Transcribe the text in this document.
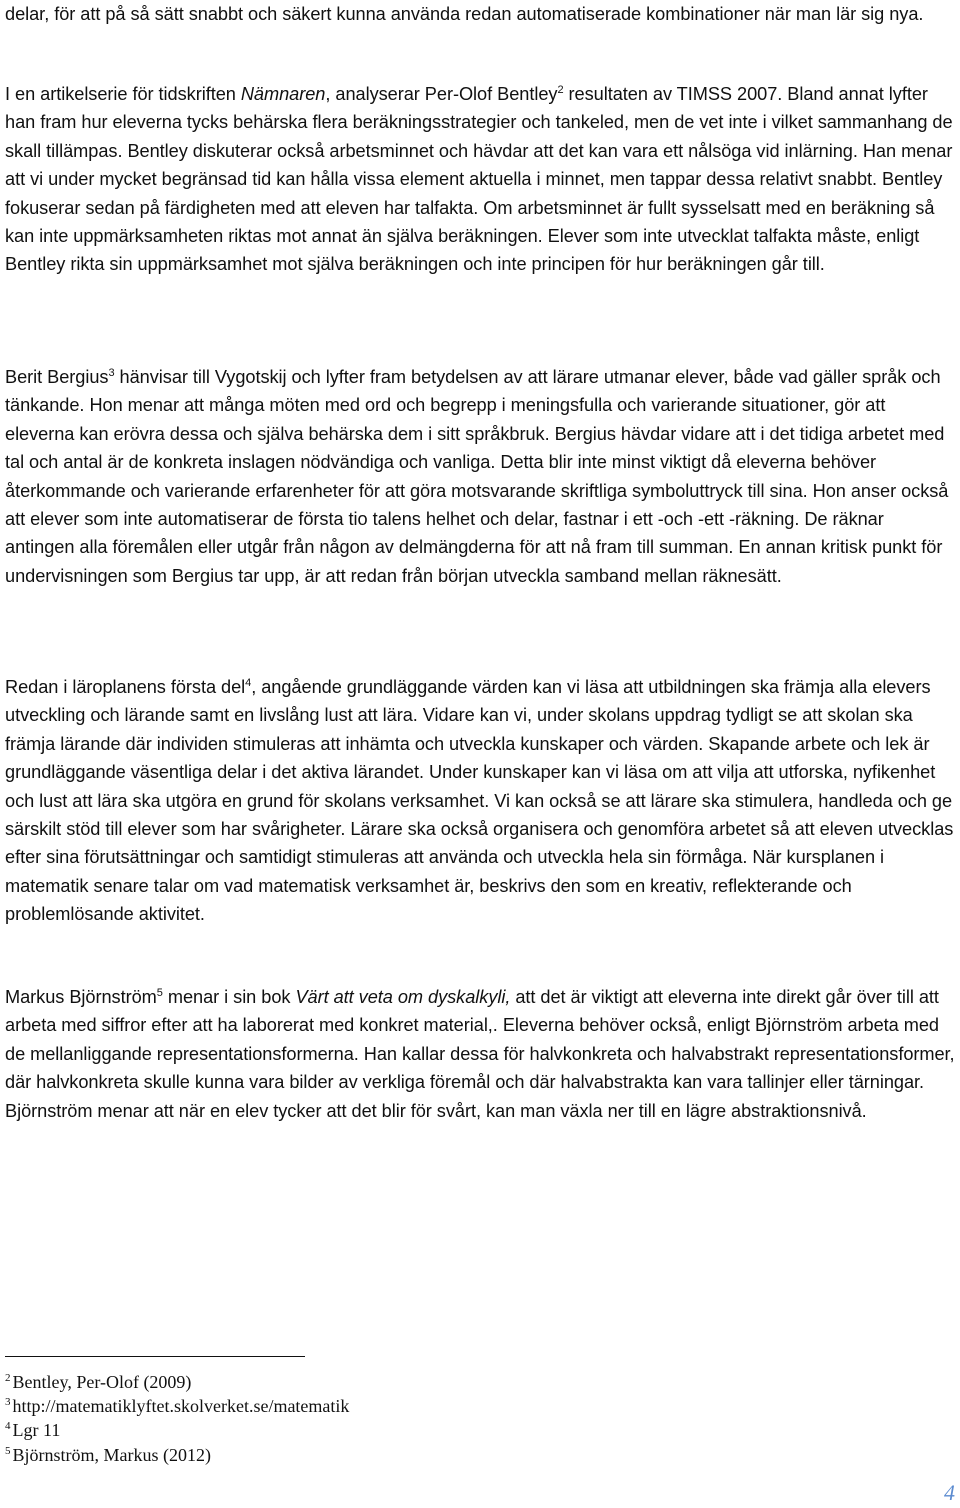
delar, för att på så sätt snabbt och säkert kunna använda redan automatiserade kombinationer när man lär sig nya.

I en artikelserie för tidskriften Nämnaren, analyserar Per-Olof Bentley$^2$ resultaten av TIMSS 2007. Bland annat lyfter han fram hur eleverna tycks behärska flera beräkningsstrategier och tankeled, men de vet inte i vilket sammanhang de skall tillämpas. Bentley diskuterar också arbetsminnet och hävdar att det kan vara ett nålsöga vid inlärning. Han menar att vi under mycket begränsad tid kan hålla vissa element aktuella i minnet, men tappar dessa relativt snabbt. Bentley fokuserar sedan på färdigheten med att eleven har talfakta. Om arbetsminnet är fullt sysselsatt med en beräkning så kan inte uppmärksamheten riktas mot annat än själva beräkningen. Elever som inte utvecklat talfakta måste, enligt Bentley rikta sin uppmärksamhet mot själva beräkningen och inte principen för hur beräkningen går till.

Berit Bergius$^3$ hänvisar till Vygotskij och lyfter fram betydelsen av att lärare utmanar elever, både vad gäller språk och tänkande. Hon menar att många möten med ord och begrepp i meningsfulla och varierande situationer, gör att eleverna kan erövra dessa och själva behärska dem i sitt språkbruk. Bergius hävdar vidare att i det tidiga arbetet med tal och antal är de konkreta inslagen nödvändiga och vanliga. Detta blir inte minst viktigt då eleverna behöver återkommande och varierande erfarenheter för att göra motsvarande skriftliga symboluttryck till sina. Hon anser också att elever som inte automatiserar de första tio talens helhet och delar, fastnar i ett -och -ett -räkning. De räknar antingen alla föremålen eller utgår från någon av delmängderna för att nå fram till summan. En annan kritisk punkt för undervisningen som Bergius tar upp, är att redan från början utveckla samband mellan räknesätt.

Redan i läroplanens första del$^4$, angående grundläggande värden kan vi läsa att utbildningen ska främja alla elevers utveckling och lärande samt en livslång lust att lära. Vidare kan vi, under skolans uppdrag tydligt se att skolan ska främja lärande där individen stimuleras att inhämta och utveckla kunskaper och värden. Skapande arbete och lek är grundläggande väsentliga delar i det aktiva lärandet. Under kunskaper kan vi läsa om att vilja att utforska, nyfikenhet och lust att lära ska utgöra en grund för skolans verksamhet. Vi kan också se att lärare ska stimulera, handleda och ge särskilt stöd till elever som har svårigheter. Lärare ska också organisera och genomföra arbetet så att eleven utvecklas efter sina förutsättningar och samtidigt stimuleras att använda och utveckla hela sin förmåga. När kursplanen i matematik senare talar om vad matematisk verksamhet är, beskrivs den som en kreativ, reflekterande och problemlösande aktivitet.

Markus Björnström$^5$ menar i sin bok Värt att veta om dyskalkyli, att det är viktigt att eleverna inte direkt går över till att arbeta med siffror efter att ha laborerat med konkret material,. Eleverna behöver också, enligt Björnström arbeta med de mellanliggande representationsformerna. Han kallar dessa för halvkonkreta och halvabstrakt representationsformer, där halvkonkreta skulle kunna vara bilder av verkliga föremål och där halvabstrakta kan vara tallinjer eller tärningar. Björnström menar att när en elev tycker att det blir för svårt, kan man växla ner till en lägre abstraktionsnivå.

$^2$ Bentley, Per-Olof (2009)
$^3$ http://matematiklyftet.skolverket.se/matematik
$^4$ Lgr 11
$^5$ Björnström, Markus (2012)
4
